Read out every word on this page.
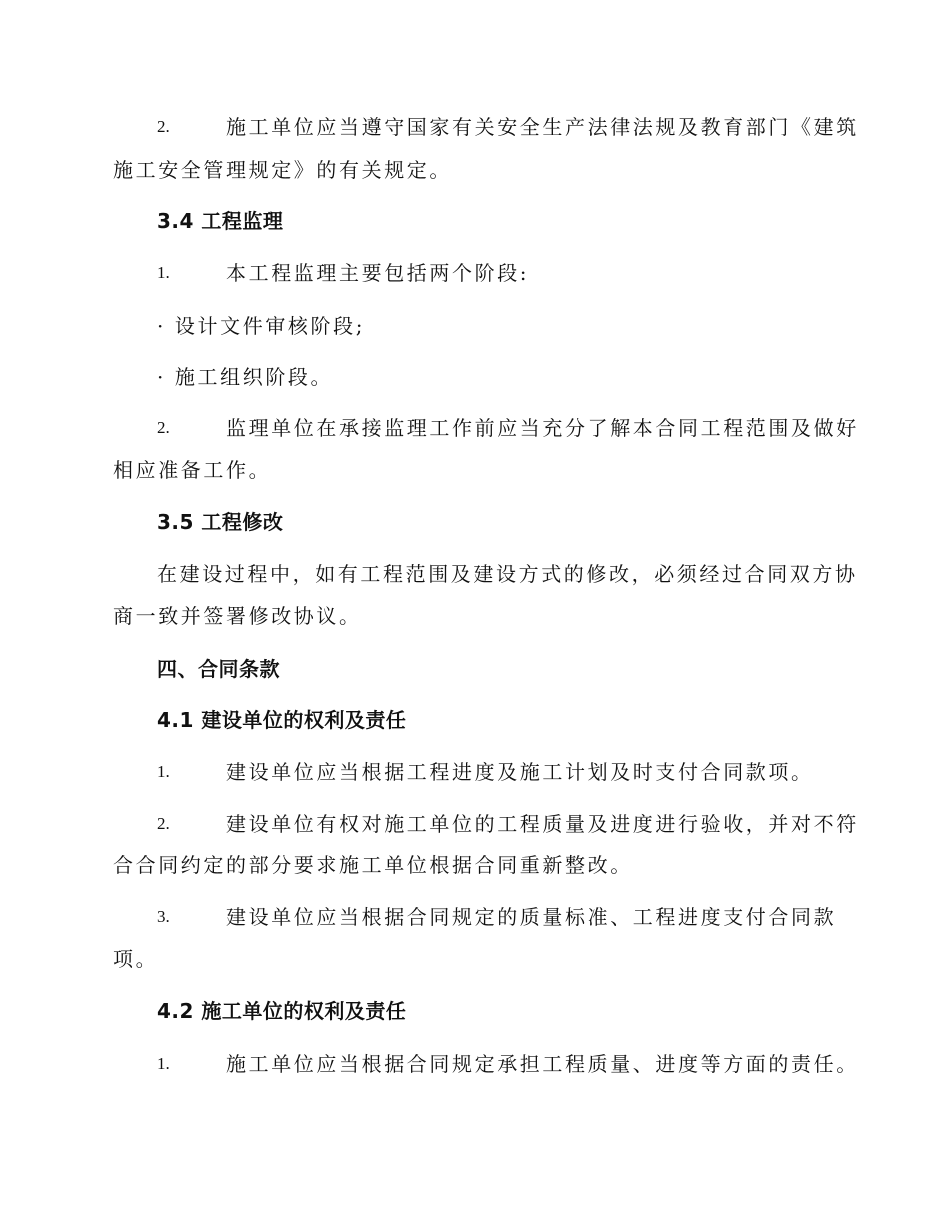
2.	施工单位应当遵守国家有关安全生产法律法规及教育部门《建筑
施工安全管理规定》的有关规定。
3.4 工程监理
1.	本工程监理主要包括两个阶段:
· 设计文件审核阶段;
· 施工组织阶段。
2.	监理单位在承接监理工作前应当充分了解本合同工程范围及做好
相应准备工作。
3.5 工程修改
在建设过程中，如有工程范围及建设方式的修改，必须经过合同双方协
商一致并签署修改协议。
四、合同条款
4.1 建设单位的权利及责任
1.	建设单位应当根据工程进度及施工计划及时支付合同款项。
2.	建设单位有权对施工单位的工程质量及进度进行验收，并对不符
合合同约定的部分要求施工单位根据合同重新整改。
3.	建设单位应当根据合同规定的质量标准、工程进度支付合同款
项。
4.2 施工单位的权利及责任
1.	施工单位应当根据合同规定承担工程质量、进度等方面的责任。
